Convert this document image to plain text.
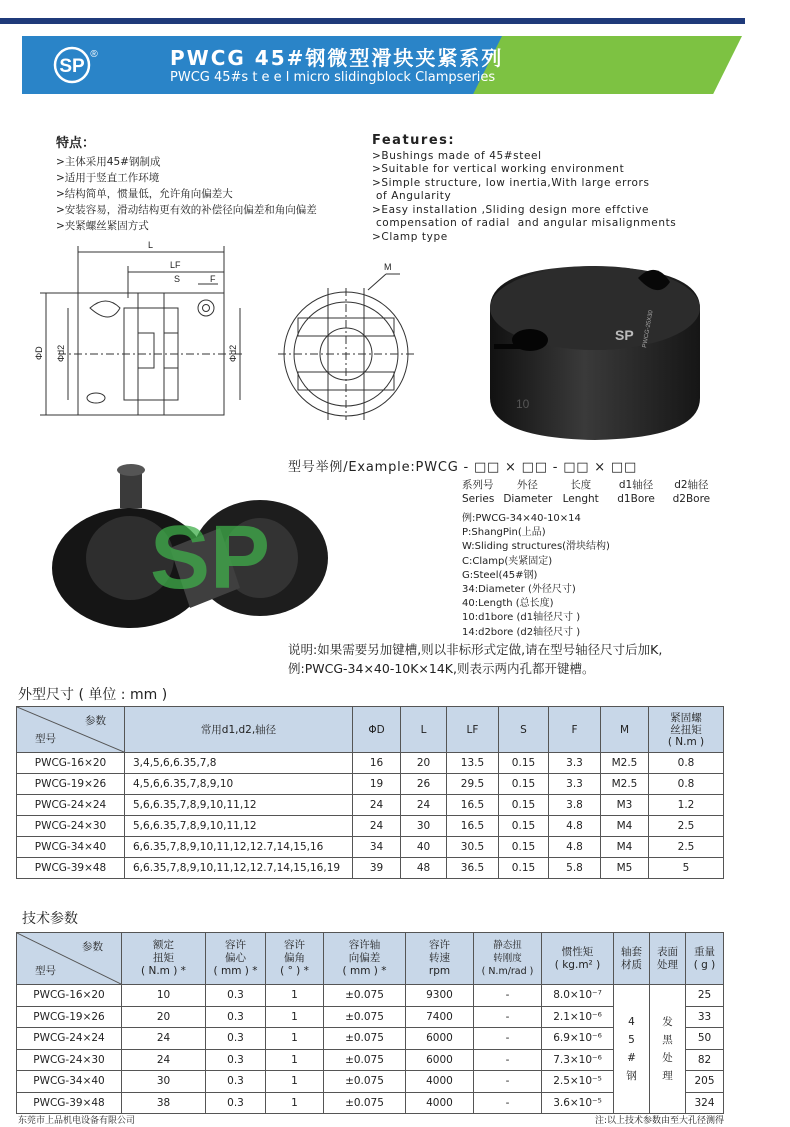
SP
®	PWCG 45#钢微型滑块夹紧系列
PWCG 45#s t e e l micro slidingblock Clampseries
特点：
>主体采用45#钢制成
>适用于竖直工作环境
>结构简单，惯量低，允许角向偏差大
>安装容易，滑动结构更有效的补偿径向偏差和角向偏差
>夹紧螺丝紧固方式
Features:
>Bushings made of 45#steel
>Suitable for vertical working environment
>Simple structure, low inertia,With large errors
of Angularity
>Easy installation ,Sliding design more effctive
compensation of radial  and angular misalignments
>Clamp type
L
LF
S	F
ΦD Φd2	Φd2
M
SP PWCG-25X30
10
SP
型号举例/Example:PWCG - □□ × □□ - □□ × □□
系列号 外径	长度	d1轴径 d2轴径
Series Diameter Lenght d1Bore d2Bore
例:PWCG-34×40-10×14
P:ShangPin(上品)
W:Sliding structures(滑块结构)
C:Clamp(夹紧固定)
G:Steel(45#钢)
34:Diameter (外径尺寸)
40:Length (总长度)
10:d1bore (d1轴径尺寸 )
14:d2bore (d2轴径尺寸 )
说明:如果需要另加键槽,则以非标形式定做,请在型号轴径尺寸后加K,
例:PWCG-34×40-10K×14K,则表示两内孔都开键槽。
外型尺寸 ( 单位 : mm )
参数
型号	常用d1,d2,轴径	ΦD	L	LF	S	F	M	紧固螺
丝扭矩
( N.m )
PWCG-16×20	3,4,5,6,6.35,7,8	16	20	13.5	0.15	3.3	M2.5	0.8
PWCG-19×26	4,5,6,6.35,7,8,9,10	19	26	29.5	0.15	3.3	M2.5	0.8
PWCG-24×24	5,6,6.35,7,8,9,10,11,12	24	24	16.5	0.15	3.8	M3	1.2
PWCG-24×30	5,6,6.35,7,8,9,10,11,12	24	30	16.5	0.15	4.8	M4	2.5
PWCG-34×40	6,6.35,7,8,9,10,11,12,12.7,14,15,16	34	40	30.5	0.15	4.8	M4	2.5
PWCG-39×48	6,6.35,7,8,9,10,11,12,12.7,14,15,16,19	39	48	36.5	0.15	5.8	M5	5
技术参数
参数
型号	额定
扭矩
( N.m ) *	容许
偏心
( mm ) *	容许
偏角
( ° ) *	容许轴
向偏差
( mm ) *	容许
转速
rpm	静态扭
转刚度
( N.m/rad )	惯性矩
( kg.m² )	轴套
材质	表面
处理	重量
( g )
PWCG-16×20	10	0.3	1	±0.075	9300	-	8.0×10⁻⁷	4
5
#
钢	发
黑
处
理	25
PWCG-19×26	20	0.3	1	±0.075	7400	-	2.1×10⁻⁶			33
PWCG-24×24	24	0.3	1	±0.075	6000	-	6.9×10⁻⁶			50
PWCG-24×30	24	0.3	1	±0.075	6000	-	7.3×10⁻⁶			82
PWCG-34×40	30	0.3	1	±0.075	4000	-	2.5×10⁻⁵			205
PWCG-39×48	38	0.3	1	±0.075	4000	-	3.6×10⁻⁵			324
东莞市上品机电设备有限公司	注:以上技术参数由至大孔径测得
